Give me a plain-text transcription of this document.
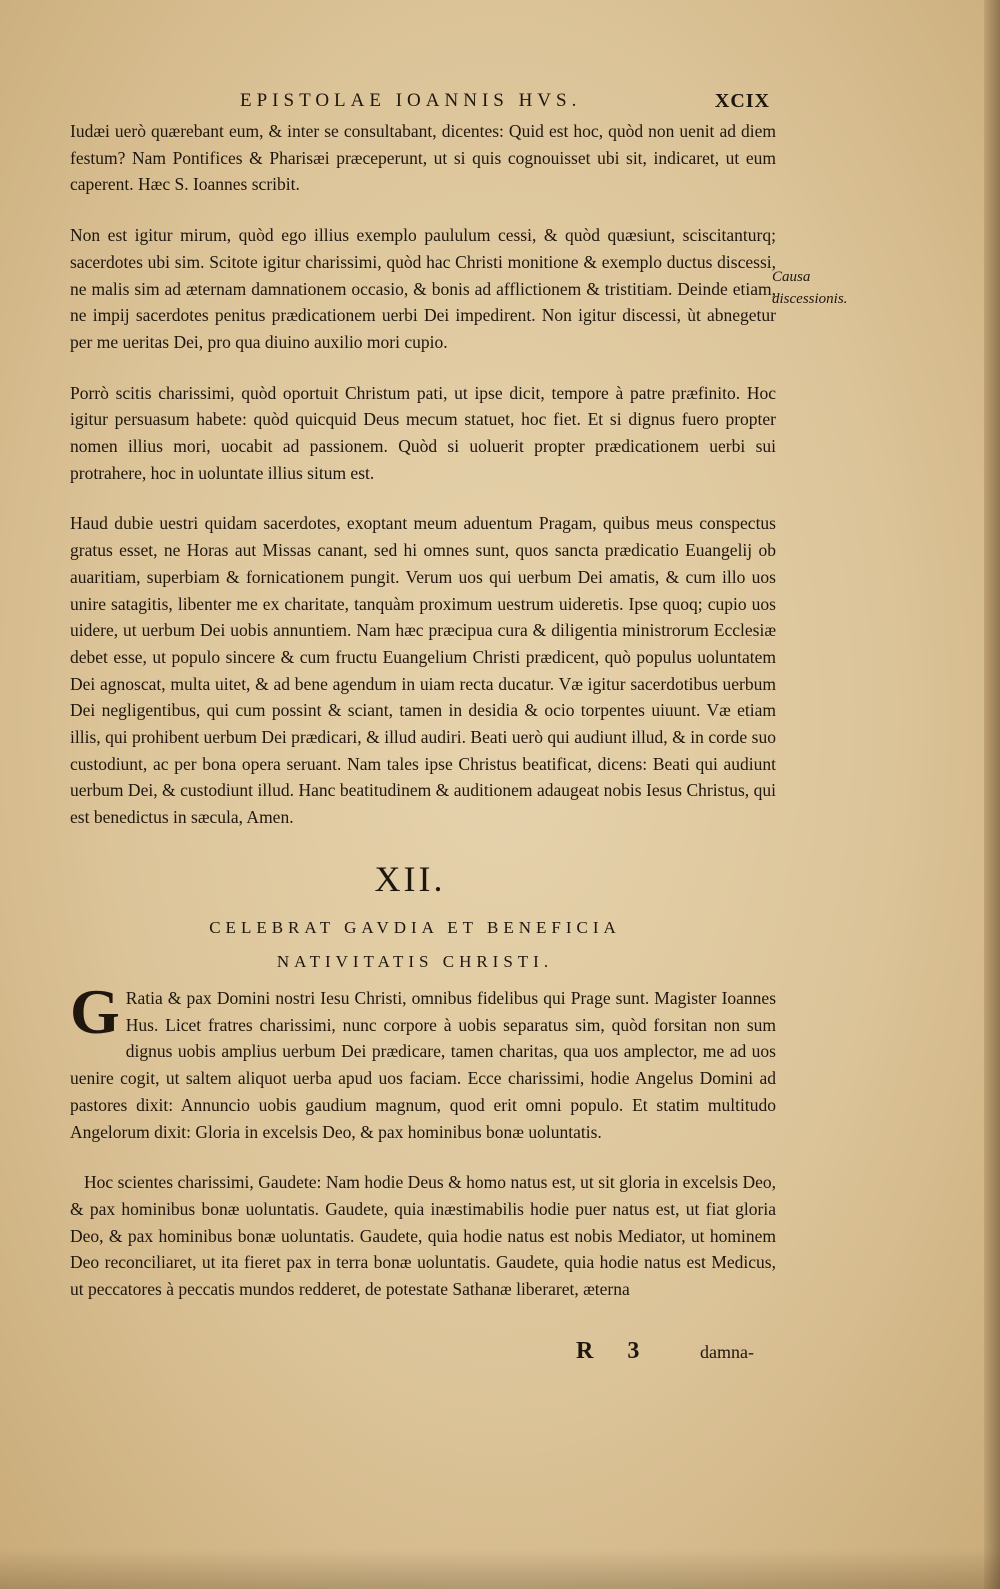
EPISTOLAE IOANNIS HVS.	XCIX

Iudæi uerò quærebant eum, & inter se consultabant, dicentes: Quid est hoc, quòd non uenit ad diem festum? Nam Pontifices & Pharisæi præceperunt, ut si quis cognouisset ubi sit, indicaret, ut eum caperent. Hæc S. Ioannes scribit.

Non est igitur mirum, quòd ego illius exemplo paululum cessi, & quòd quæsiunt, sciscitanturq; sacerdotes ubi sim. Scitote igitur charissimi, quòd hac Christi monitione & exemplo ductus discessi, ne malis sim ad æternam damnationem occasio, & bonis ad afflictionem & tristitiam. Deinde etiam, ne impij sacerdotes penitus prædicationem uerbi Dei impedirent. Non igitur discessi, ùt abnegetur per me ueritas Dei, pro qua diuino auxilio mori cupio.

Porrò scitis charissimi, quòd oportuit Christum pati, ut ipse dicit, tempore à patre præfinito. Hoc igitur persuasum habete: quòd quicquid Deus mecum statuet, hoc fiet. Et si dignus fuero propter nomen illius mori, uocabit ad passionem. Quòd si uoluerit propter prædicationem uerbi sui protrahere, hoc in uoluntate illius situm est.

Haud dubie uestri quidam sacerdotes, exoptant meum aduentum Pragam, quibus meus conspectus gratus esset, ne Horas aut Missas canant, sed hi omnes sunt, quos sancta prædicatio Euangelij ob auaritiam, superbiam & fornicationem pungit. Verum uos qui uerbum Dei amatis, & cum illo uos unire satagitis, libenter me ex charitate, tanquàm proximum uestrum uideretis. Ipse quoq; cupio uos uidere, ut uerbum Dei uobis annuntiem. Nam hæc præcipua cura & diligentia ministrorum Ecclesiæ debet esse, ut populo sincere & cum fructu Euangelium Christi prædicent, quò populus uoluntatem Dei agnoscat, multa uitet, & ad bene agendum in uiam recta ducatur. Væ igitur sacerdotibus uerbum Dei negligentibus, qui cum possint & sciant, tamen in desidia & ocio torpentes uiuunt. Væ etiam illis, qui prohibent uerbum Dei prædicari, & illud audiri. Beati uerò qui audiunt illud, & in corde suo custodiunt, ac per bona opera seruant. Nam tales ipse Christus beatificat, dicens: Beati qui audiunt uerbum Dei, & custodiunt illud. Hanc beatitudinem & auditionem adaugeat nobis Iesus Christus, qui est benedictus in sæcula, Amen.

Causa discessionis.
XII.
CELEBRAT GAVDIA ET BENEFICIA
NATIVITATIS CHRISTI.

G Ratia & pax Domini nostri Iesu Christi, omnibus fidelibus qui Prage sunt. Magister Ioannes Hus. Licet fratres charissimi, nunc corpore à uobis separatus sim, quòd forsitan non sum dignus uobis amplius uerbum Dei prædicare, tamen charitas, qua uos amplector, me ad uos uenire cogit, ut saltem aliquot uerba apud uos faciam. Ecce charissimi, hodie Angelus Domini ad pastores dixit: Annuncio uobis gaudium magnum, quod erit omni populo. Et statim multitudo Angelorum dixit: Gloria in excelsis Deo, & pax hominibus bonæ uoluntatis.

Hoc scientes charissimi, Gaudete: Nam hodie Deus & homo natus est, ut sit gloria in excelsis Deo, & pax hominibus bonæ uoluntatis. Gaudete, quia inæstimabilis hodie puer natus est, ut fiat gloria Deo, & pax hominibus bonæ uoluntatis. Gaudete, quia hodie natus est nobis Mediator, ut hominem Deo reconciliaret, ut ita fieret pax in terra bonæ uoluntatis. Gaudete, quia hodie natus est Medicus, ut peccatores à peccatis mundos redderet, de potestate Sathanæ liberaret, æterna

R 3	damna-
